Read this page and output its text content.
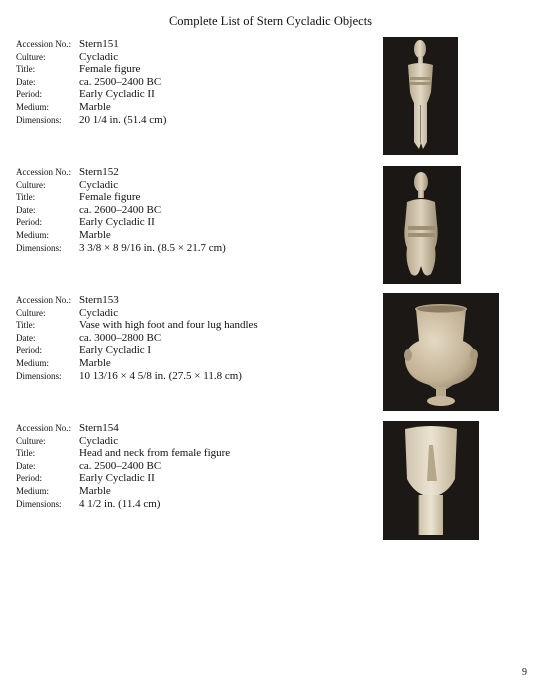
Complete List of Stern Cycladic Objects
Accession No.: Stern151
Culture:	Cycladic
Title:	Female figure
Date:	ca. 2500–2400 BC
Period:	Early Cycladic II
Medium:	Marble
Dimensions: 20 1/4 in. (51.4 cm)
Accession No.: Stern152
Culture:	Cycladic
Title:	Female figure
Date:	ca. 2600–2400 BC
Period:	Early Cycladic II
Medium:	Marble
Dimensions: 3 3/8 × 8 9/16 in. (8.5 × 21.7 cm)
Accession No.: Stern153
Culture:	Cycladic
Title:	Vase with high foot and four lug handles
Date:	ca. 3000–2800 BC
Period:	Early Cycladic I
Medium:	Marble
Dimensions: 10 13/16 × 4 5/8 in. (27.5 × 11.8 cm)
Accession No.: Stern154
Culture:	Cycladic
Title:	Head and neck from female figure
Date:	ca. 2500–2400 BC
Period:	Early Cycladic II
Medium:	Marble
Dimensions: 4 1/2 in. (11.4 cm)
9
